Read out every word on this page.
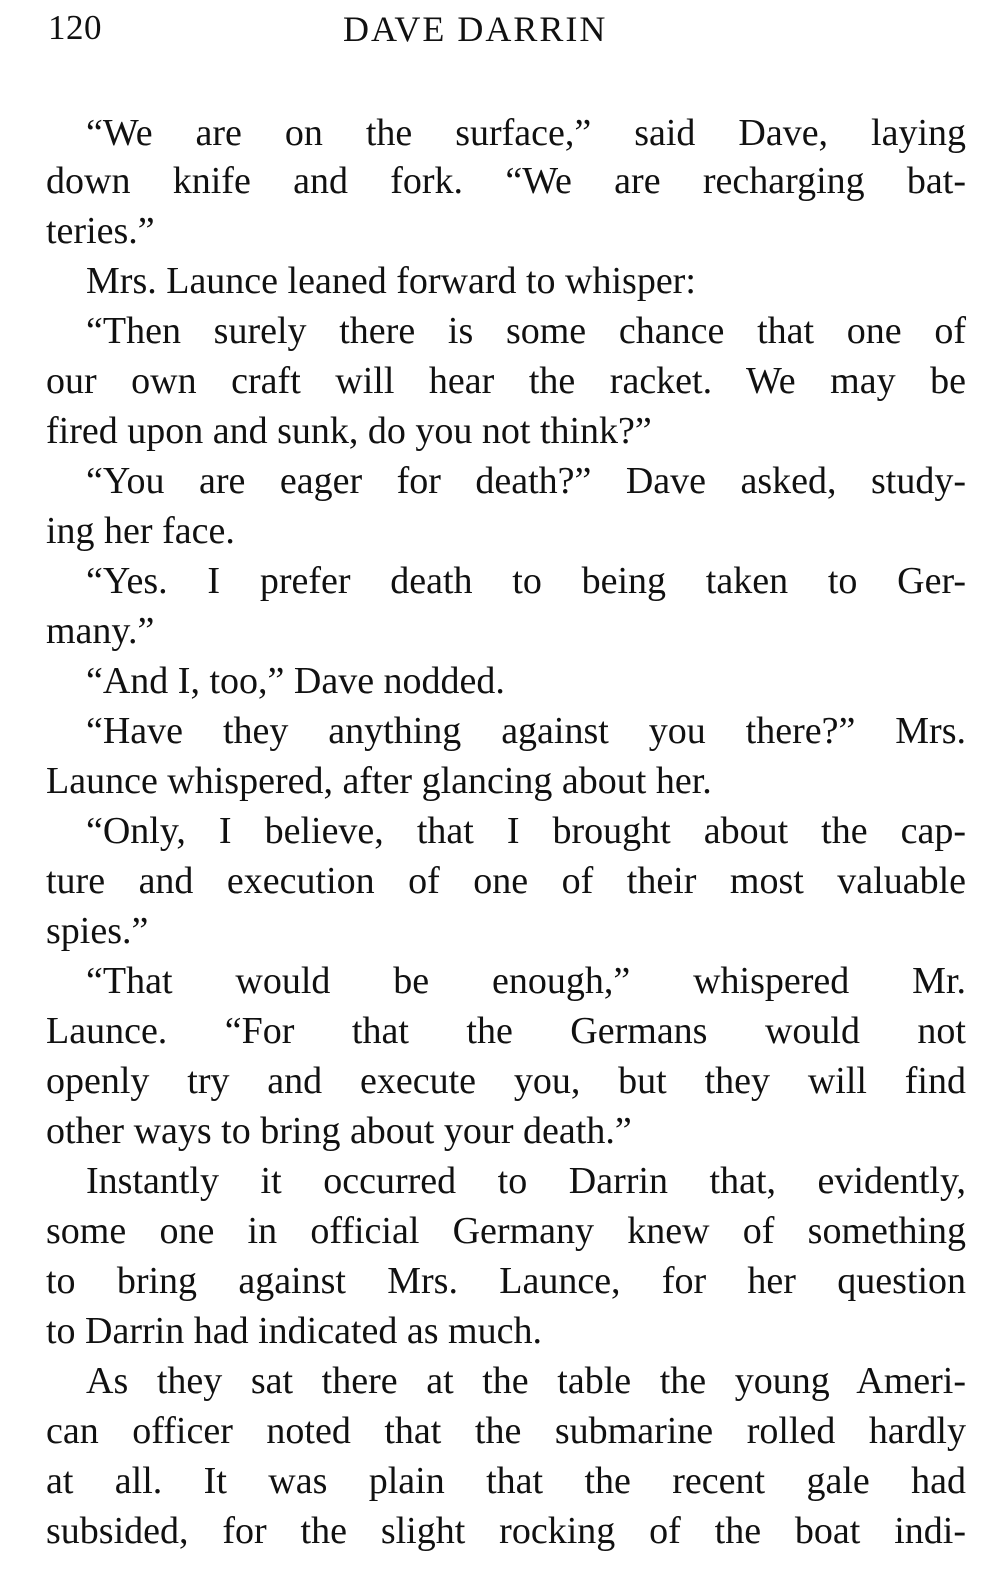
120	DAVE DARRIN
“We are on the surface,” said Dave, laying
down knife and fork. “We are recharging bat-
teries.”
Mrs. Launce leaned forward to whisper:
“Then surely there is some chance that one of
our own craft will hear the racket. We may be
fired upon and sunk, do you not think?”
“You are eager for death?” Dave asked, study-
ing her face.
“Yes. I prefer death to being taken to Ger-
many.”
“And I, too,” Dave nodded.
“Have they anything against you there?” Mrs.
Launce whispered, after glancing about her.
“Only, I believe, that I brought about the cap-
ture and execution of one of their most valuable
spies.”
“That would be enough,” whispered Mr.
Launce. “For that the Germans would not
openly try and execute you, but they will find
other ways to bring about your death.”
Instantly it occurred to Darrin that, evidently,
some one in official Germany knew of something
to bring against Mrs. Launce, for her question
to Darrin had indicated as much.
As they sat there at the table the young Ameri-
can officer noted that the submarine rolled hardly
at all. It was plain that the recent gale had
subsided, for the slight rocking of the boat indi-
